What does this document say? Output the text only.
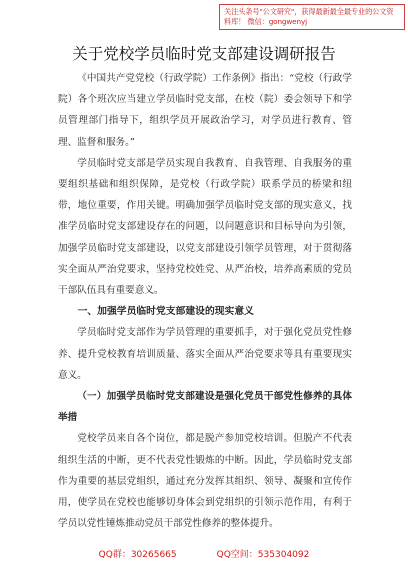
关注头条号"公文研究"，获得最新最全最专业的公文资料库！ 微信：gongwenyj
关于党校学员临时党支部建设调研报告

《中国共产党党校（行政学院）工作条例》指出：“党校（行政学院）各个班次应当建立学员临时党支部，在校（院）委会领导下和学员管理部门指导下，组织学员开展政治学习，对学员进行教育、管理、监督和服务。”

学员临时党支部是学员实现自我教育、自我管理、自我服务的重要组织基础和组织保障，是党校（行政学院）联系学员的桥梁和纽带，地位重要，作用关键。明确加强学员临时党支部的现实意义，找准学员临时党支部建设存在的问题，以问题意识和目标导向为引领，加强学员临时党支部建设，以党支部建设引领学员管理，对于贯彻落实全面从严治党要求，坚持党校姓党、从严治校，培养高素质的党员干部队伍具有重要意义。

一、加强学员临时党支部建设的现实意义

学员临时党支部作为学员管理的重要抓手，对于强化党员党性修养、提升党校教育培训质量、落实全面从严治党要求等具有重要现实意义。

（一）加强学员临时党支部建设是强化党员干部党性修养的具体举措

党校学员来自各个岗位，都是脱产参加党校培训。但脱产不代表组织生活的中断，更不代表党性锻炼的中断。因此，学员临时党支部作为重要的基层党组织，通过充分发挥其组织、领导、凝聚和宣传作用，使学员在党校也能够切身体会到党组织的引领示范作用，有利于学员以党性锤炼推动党员干部党性修养的整体提升。

QQ群：30265665	QQ空间：535304092
